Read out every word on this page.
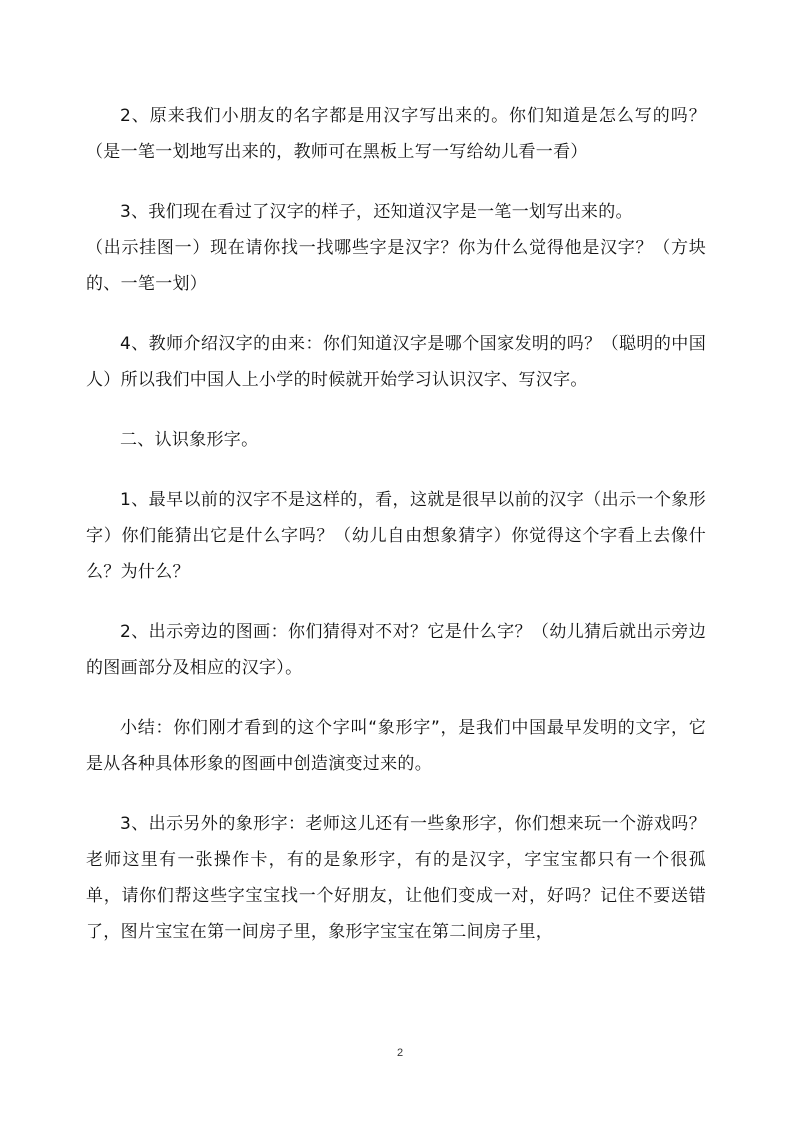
2、原来我们小朋友的名字都是用汉字写出来的。你们知道是怎么写的吗？（是一笔一划地写出来的，教师可在黑板上写一写给幼儿看一看）

3、我们现在看过了汉字的样子，还知道汉字是一笔一划写出来的。

（出示挂图一）现在请你找一找哪些字是汉字？你为什么觉得他是汉字？（方块的、一笔一划）

4、教师介绍汉字的由来：你们知道汉字是哪个国家发明的吗？（聪明的中国人）所以我们中国人上小学的时候就开始学习认识汉字、写汉字。

二、认识象形字。

1、最早以前的汉字不是这样的，看，这就是很早以前的汉字（出示一个象形字）你们能猜出它是什么字吗？（幼儿自由想象猜字）你觉得这个字看上去像什么？为什么？

2、出示旁边的图画：你们猜得对不对？它是什么字？（幼儿猜后就出示旁边的图画部分及相应的汉字）。

小结：你们刚才看到的这个字叫“象形字”，是我们中国最早发明的文字，它是从各种具体形象的图画中创造演变过来的。

3、出示另外的象形字：老师这儿还有一些象形字，你们想来玩一个游戏吗？老师这里有一张操作卡，有的是象形字，有的是汉字，字宝宝都只有一个很孤单，请你们帮这些字宝宝找一个好朋友，让他们变成一对，好吗？记住不要送错了，图片宝宝在第一间房子里，象形字宝宝在第二间房子里，

2
